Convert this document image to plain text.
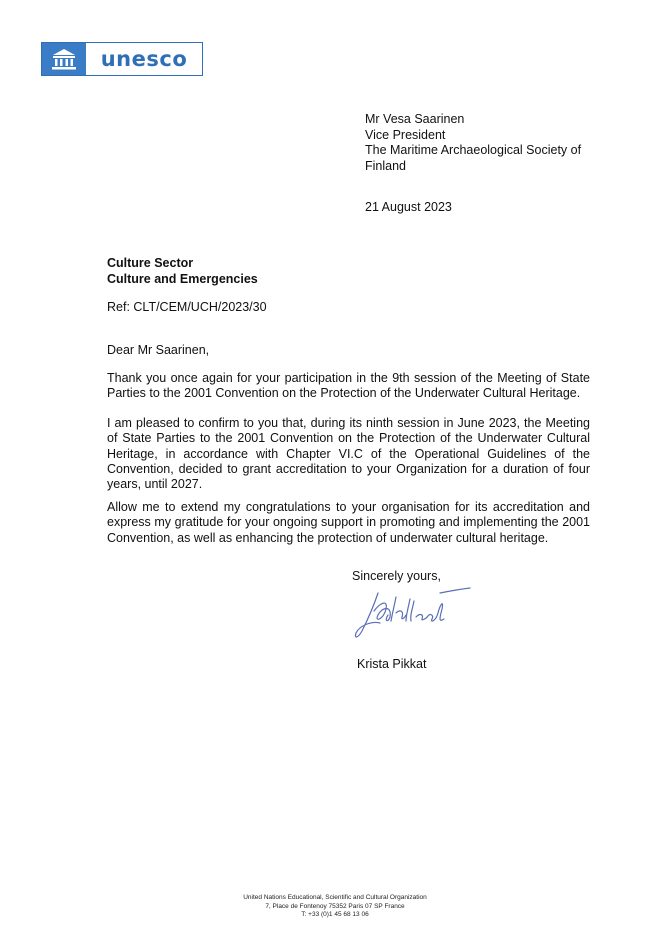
unesco
Mr Vesa Saarinen
Vice President
The Maritime Archaeological Society of
Finland
21 August 2023
Culture Sector
Culture and Emergencies
Ref: CLT/CEM/UCH/2023/30
Dear Mr Saarinen,

Thank you once again for your participation in the 9th session of the Meeting of State Parties to the 2001 Convention on the Protection of the Underwater Cultural Heritage.

I am pleased to confirm to you that, during its ninth session in June 2023, the Meeting of State Parties to the 2001 Convention on the Protection of the Underwater Cultural Heritage, in accordance with Chapter VI.C of the Operational Guidelines of the Convention, decided to grant accreditation to your Organization for a duration of four years, until 2027.

Allow me to extend my congratulations to your organisation for its accreditation and express my gratitude for your ongoing support in promoting and implementing the 2001 Convention, as well as enhancing the protection of underwater cultural heritage.

Sincerely yours,
Krista Pikkat
United Nations Educational, Scientific and Cultural Organization
7, Place de Fontenoy 75352 Paris 07 SP France
T: +33 (0)1 45 68 13 06
